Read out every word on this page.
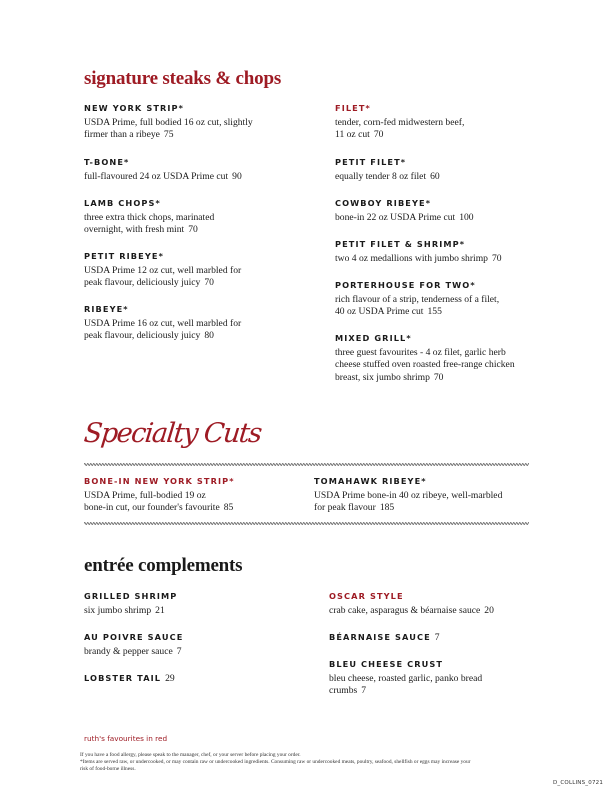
signature steaks & chops
NEW YORK STRIP*
USDA Prime, full bodied 16 oz cut, slightly
firmer than a ribeye 75
T-BONE*
full-flavoured 24 oz USDA Prime cut 90
LAMB CHOPS*
three extra thick chops, marinated
overnight, with fresh mint 70
PETIT RIBEYE*
USDA Prime 12 oz cut, well marbled for
peak flavour, deliciously juicy 70
RIBEYE*
USDA Prime 16 oz cut, well marbled for
peak flavour, deliciously juicy 80
FILET*
tender, corn-fed midwestern beef,
11 oz cut 70
PETIT FILET*
equally tender 8 oz filet 60
COWBOY RIBEYE*
bone-in 22 oz USDA Prime cut 100
PETIT FILET & SHRIMP*
two 4 oz medallions with jumbo shrimp 70
PORTERHOUSE FOR TWO*
rich flavour of a strip, tenderness of a filet,
40 oz USDA Prime cut 155
MIXED GRILL*
three guest favourites - 4 oz filet, garlic herb
cheese stuffed oven roasted free-range chicken
breast, six jumbo shrimp 70
Specialty Cuts
BONE-IN NEW YORK STRIP*
USDA Prime, full-bodied 19 oz
bone-in cut, our founder's favourite 85
TOMAHAWK RIBEYE*
USDA Prime bone-in 40 oz ribeye, well-marbled
for peak flavour 185
entrée complements
GRILLED SHRIMP
six jumbo shrimp 21
AU POIVRE SAUCE
brandy & pepper sauce 7
LOBSTER TAIL 29
OSCAR STYLE
crab cake, asparagus & béarnaise sauce 20
BÉARNAISE SAUCE 7
BLEU CHEESE CRUST
bleu cheese, roasted garlic, panko bread
crumbs 7
ruth's favourites in red
If you have a food allergy, please speak to the manager, chef, or your server before placing your order.
*Items are served raw, or undercooked, or may contain raw or undercooked ingredients. Consuming raw or undercooked meats, poultry, seafood, shellfish or eggs may increase your
risk of food-borne illness.
D_COLLINS_0721
